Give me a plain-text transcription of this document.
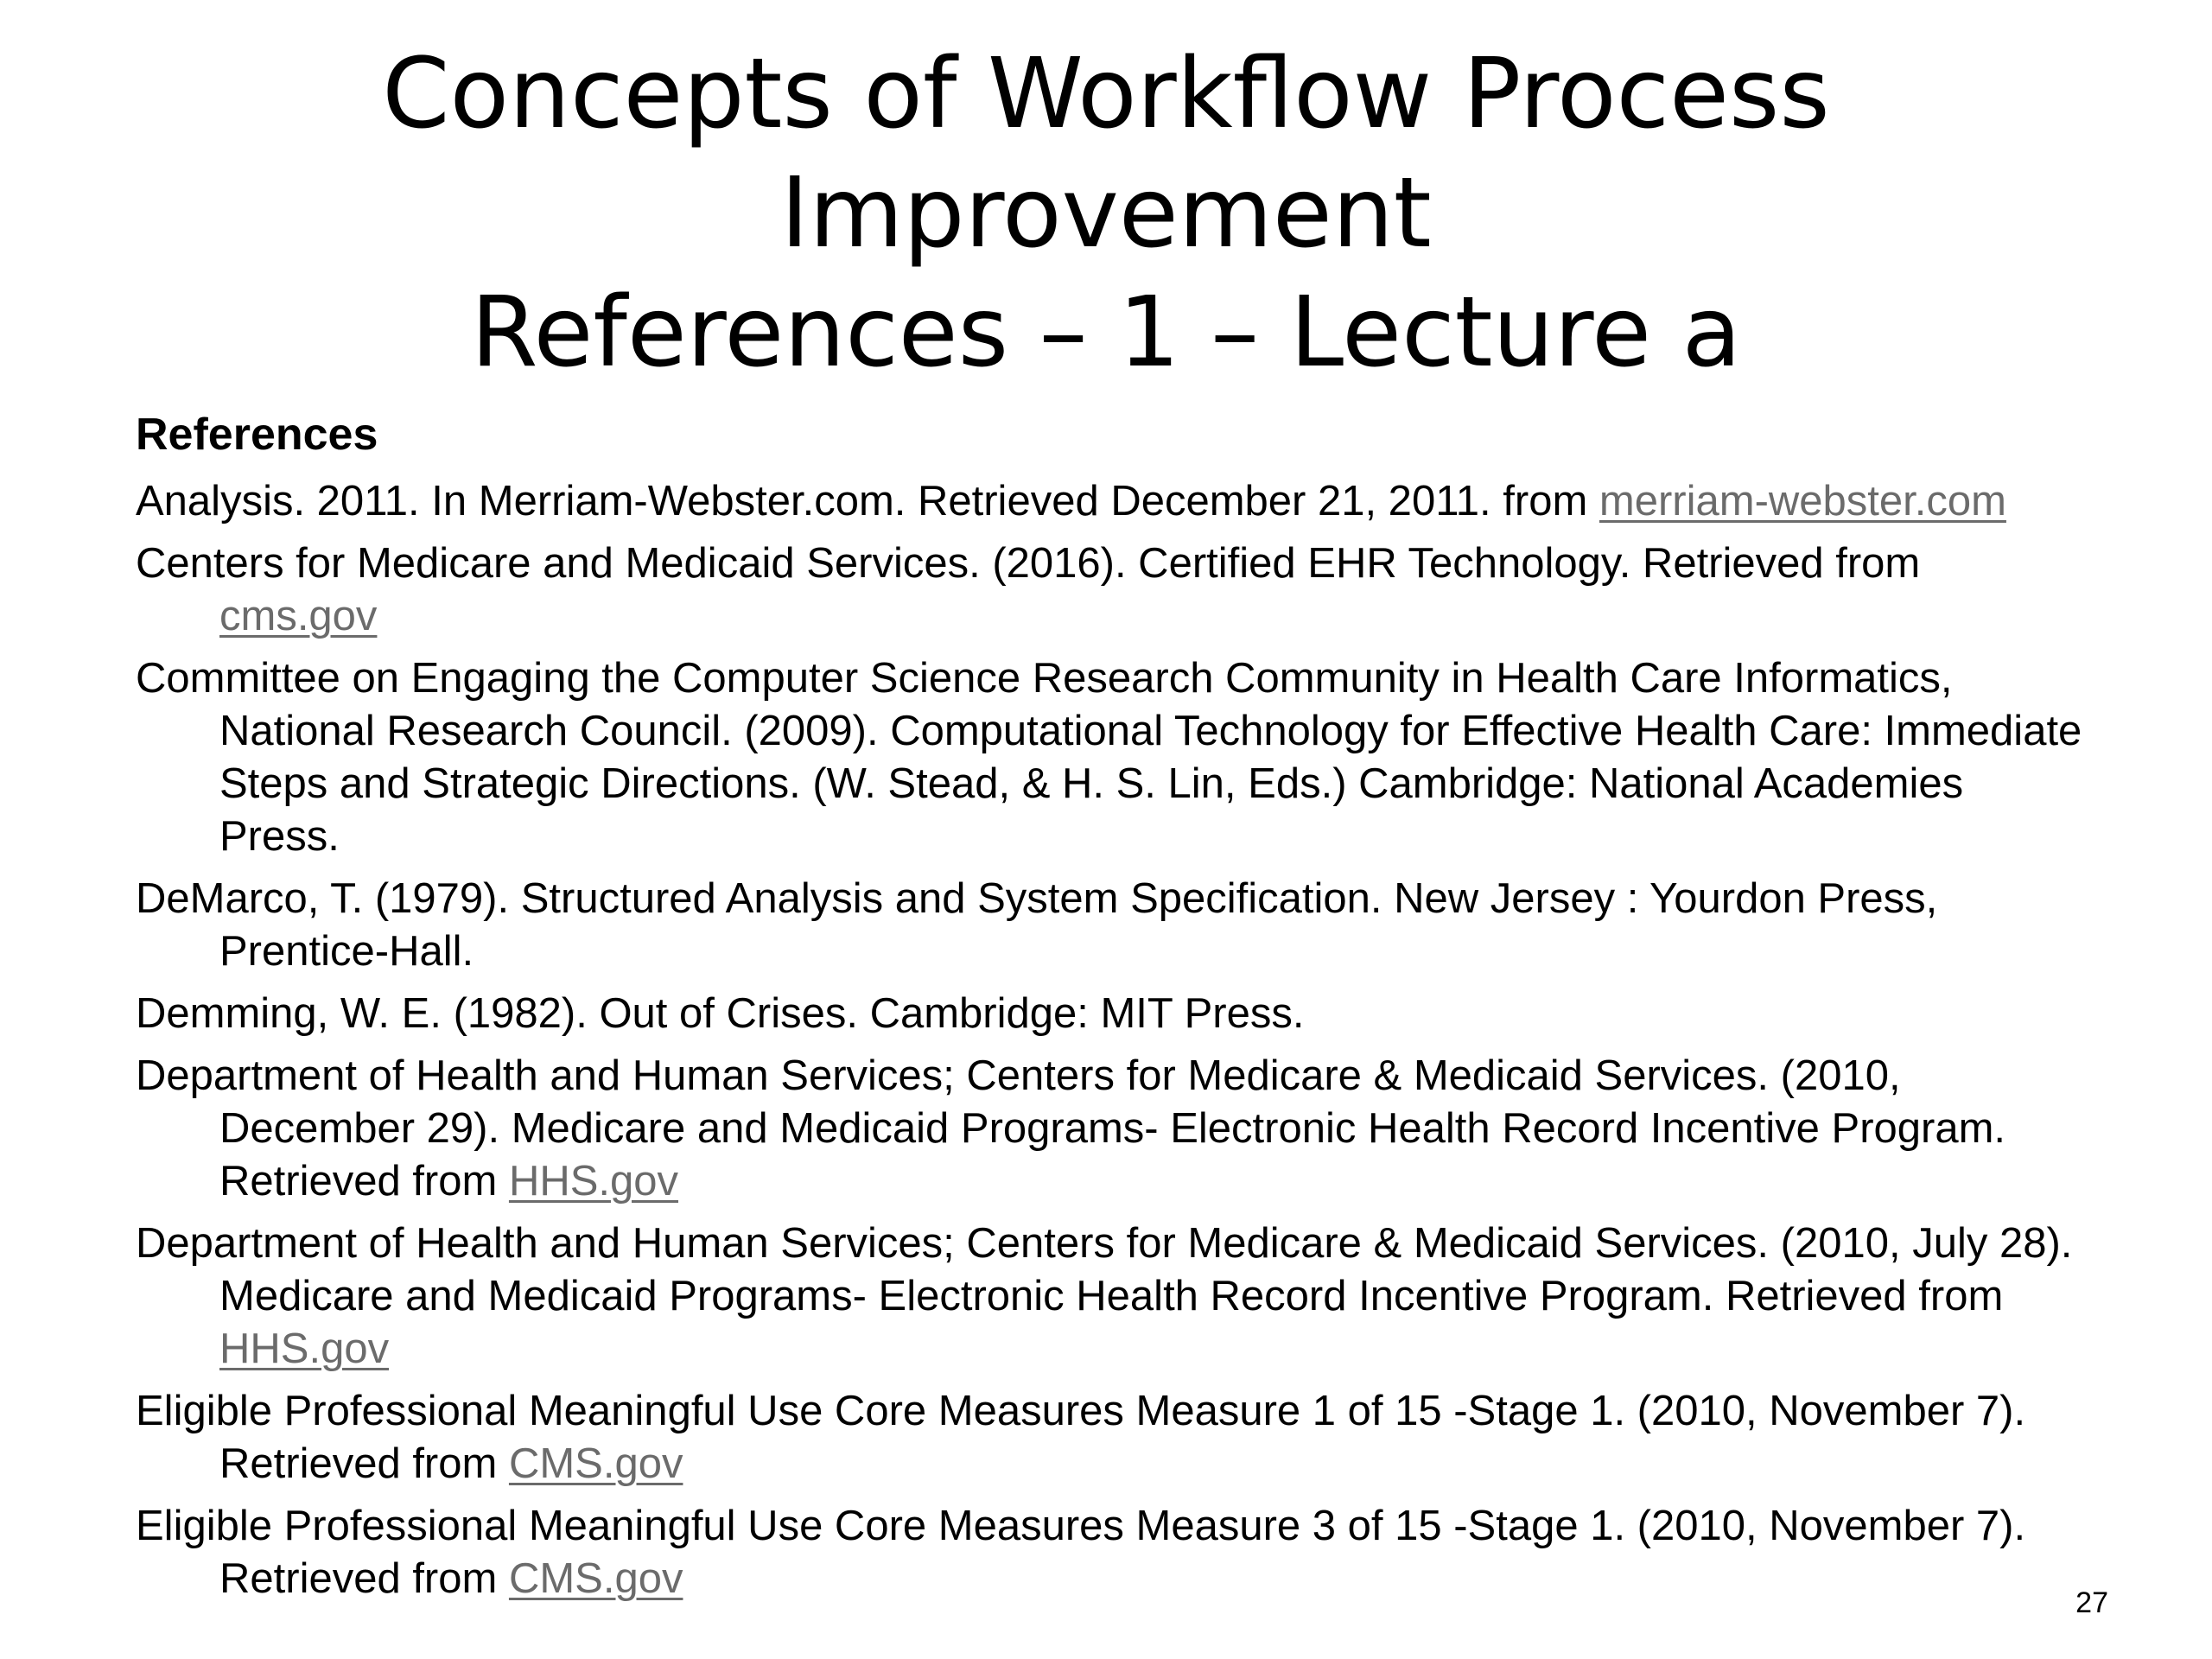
Concepts of Workflow Process
Improvement
References – 1 – Lecture a
References
Analysis. 2011. In Merriam-Webster.com. Retrieved December 21, 2011. from merriam-webster.com
Centers for Medicare and Medicaid Services. (2016). Certified EHR Technology. Retrieved from cms.gov
Committee on Engaging the Computer Science Research Community in Health Care Informatics, National Research Council. (2009). Computational Technology for Effective Health Care: Immediate Steps and Strategic Directions. (W. Stead, & H. S. Lin, Eds.) Cambridge: National Academies Press.
DeMarco, T. (1979). Structured Analysis and System Specification. New Jersey : Yourdon Press, Prentice-Hall.
Demming, W. E. (1982). Out of Crises. Cambridge: MIT Press.
Department of Health and Human Services; Centers for Medicare & Medicaid Services. (2010, December 29). Medicare and Medicaid Programs- Electronic Health Record Incentive Program. Retrieved from HHS.gov
Department of Health and Human Services; Centers for Medicare & Medicaid Services. (2010, July 28). Medicare and Medicaid Programs- Electronic Health Record Incentive Program. Retrieved from HHS.gov
Eligible Professional Meaningful Use Core Measures Measure 1 of 15 -Stage 1. (2010, November 7). Retrieved from CMS.gov
Eligible Professional Meaningful Use Core Measures Measure 3 of 15 -Stage 1. (2010, November 7). Retrieved from CMS.gov
27
